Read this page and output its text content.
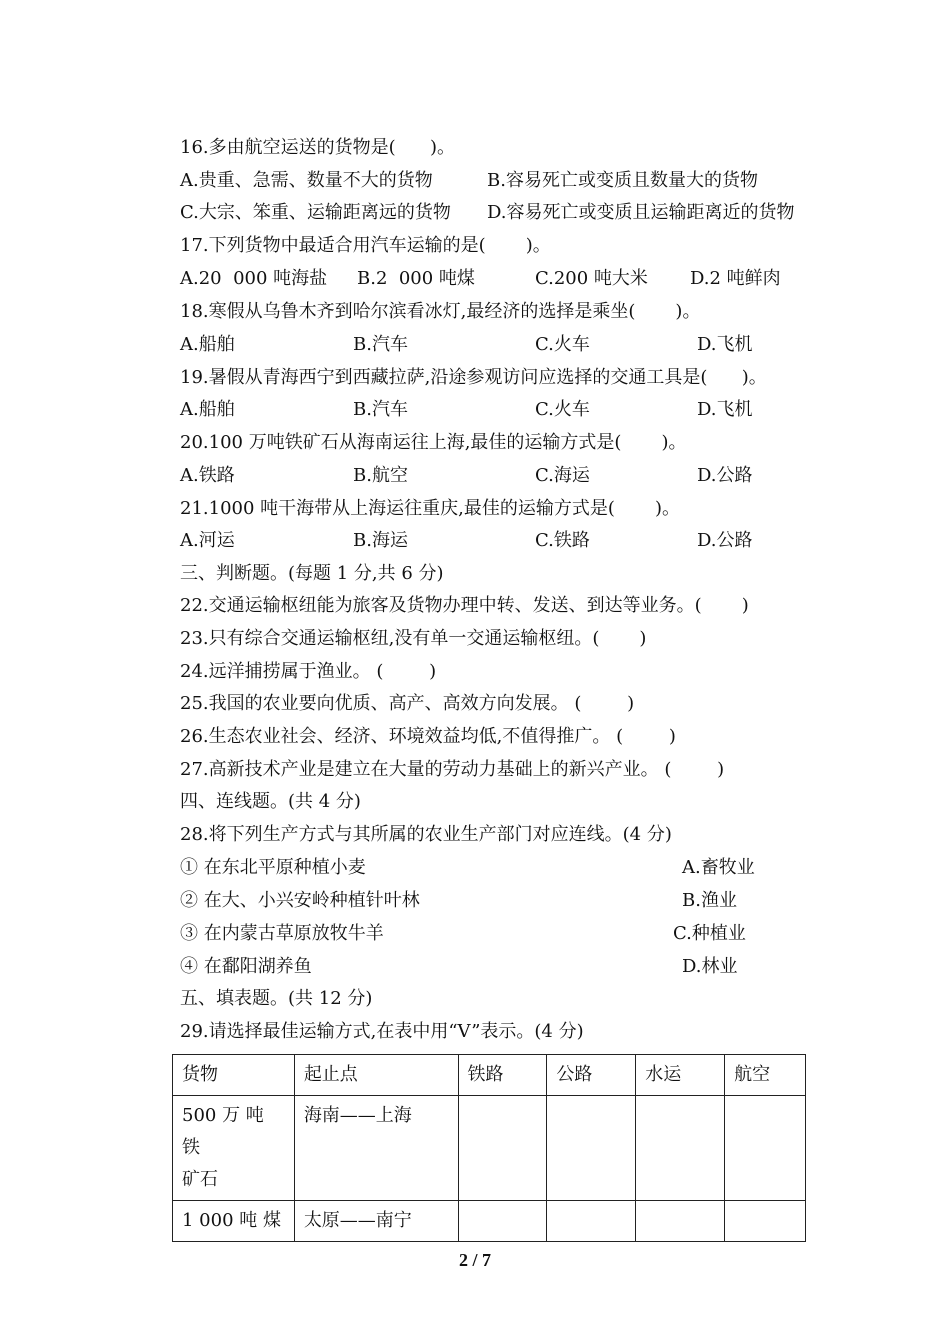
16.多由航空运送的货物是(      )。
A.贵重、急需、数量不大的货物	B.容易死亡或变质且数量大的货物
C.大宗、笨重、运输距离远的货物 D.容易死亡或变质且运输距离近的货物
17.下列货物中最适合用汽车运输的是(       )。
A.20  000 吨海盐 B.2  000 吨煤	C.200 吨大米 D.2 吨鲜肉
18.寒假从乌鲁木齐到哈尔滨看冰灯,最经济的选择是乘坐(       )。
A.船舶	B.汽车	C.火车	D.飞机
19.暑假从青海西宁到西藏拉萨,沿途参观访问应选择的交通工具是(      )。
A.船舶	B.汽车	C.火车	D.飞机
20.100 万吨铁矿石从海南运往上海,最佳的运输方式是(       )。
A.铁路	B.航空	C.海运	D.公路
21.1000 吨干海带从上海运往重庆,最佳的运输方式是(       )。
A.河运	B.海运	C.铁路	D.公路
三、判断题。(每题 1 分,共 6 分)
22.交通运输枢纽能为旅客及货物办理中转、发送、到达等业务。(       )
23.只有综合交通运输枢纽,没有单一交通运输枢纽。(       )
24.远洋捕捞属于渔业。 (        )
25.我国的农业要向优质、高产、高效方向发展。 (        )
26.生态农业社会、经济、环境效益均低,不值得推广。 (        )
27.高新技术产业是建立在大量的劳动力基础上的新兴产业。 (        )
四、连线题。(共 4 分)
28.将下列生产方式与其所属的农业生产部门对应连线。(4 分)
① 在东北平原种植小麦	A.畜牧业
② 在大、小兴安岭种植针叶林	B.渔业
③ 在内蒙古草原放牧牛羊	C.种植业
④ 在鄱阳湖养鱼	D.林业
五、填表题。(共 12 分)
29.请选择最佳运输方式,在表中用“V”表示。(4 分)
货物	起止点	铁路	公路	水运	航空

500 万 吨 铁
矿石	海南——上海				

1 000 吨 煤	太原——南宁				
2 / 7
